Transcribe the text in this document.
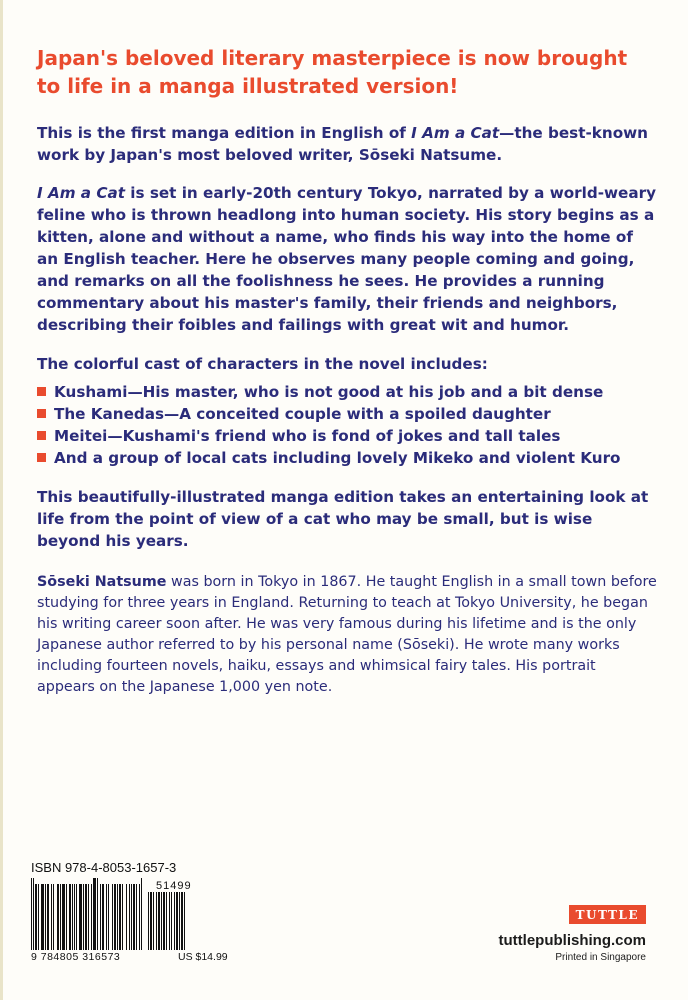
Japan's beloved literary masterpiece is now brought
to life in a manga illustrated version!

This is the first manga edition in English of I Am a Cat—the best-known work by Japan's most beloved writer, Sōseki Natsume.

I Am a Cat is set in early-20th century Tokyo, narrated by a world-weary feline who is thrown headlong into human society. His story begins as a kitten, alone and without a name, who finds his way into the home of an English teacher. Here he observes many people coming and going, and remarks on all the foolishness he sees. He provides a running commentary about his master's family, their friends and neighbors, describing their foibles and failings with great wit and humor.

The colorful cast of characters in the novel includes:

Kushami—His master, who is not good at his job and a bit dense
The Kanedas—A conceited couple with a spoiled daughter
Meitei—Kushami's friend who is fond of jokes and tall tales
And a group of local cats including lovely Mikeko and violent Kuro

This beautifully-illustrated manga edition takes an entertaining look at life from the point of view of a cat who may be small, but is wise beyond his years.

Sōseki Natsume was born in Tokyo in 1867. He taught English in a small town before studying for three years in England. Returning to teach at Tokyo University, he began his writing career soon after. He was very famous during his lifetime and is the only Japanese author referred to by his personal name (Sōseki). He wrote many works including fourteen novels, haiku, essays and whimsical fairy tales. His portrait appears on the Japanese 1,000 yen note.

ISBN 978-4-8053-1657-3
51499
9 784805 316573	US $14.99
TUTTLE
tuttlepublishing.com
Printed in Singapore
